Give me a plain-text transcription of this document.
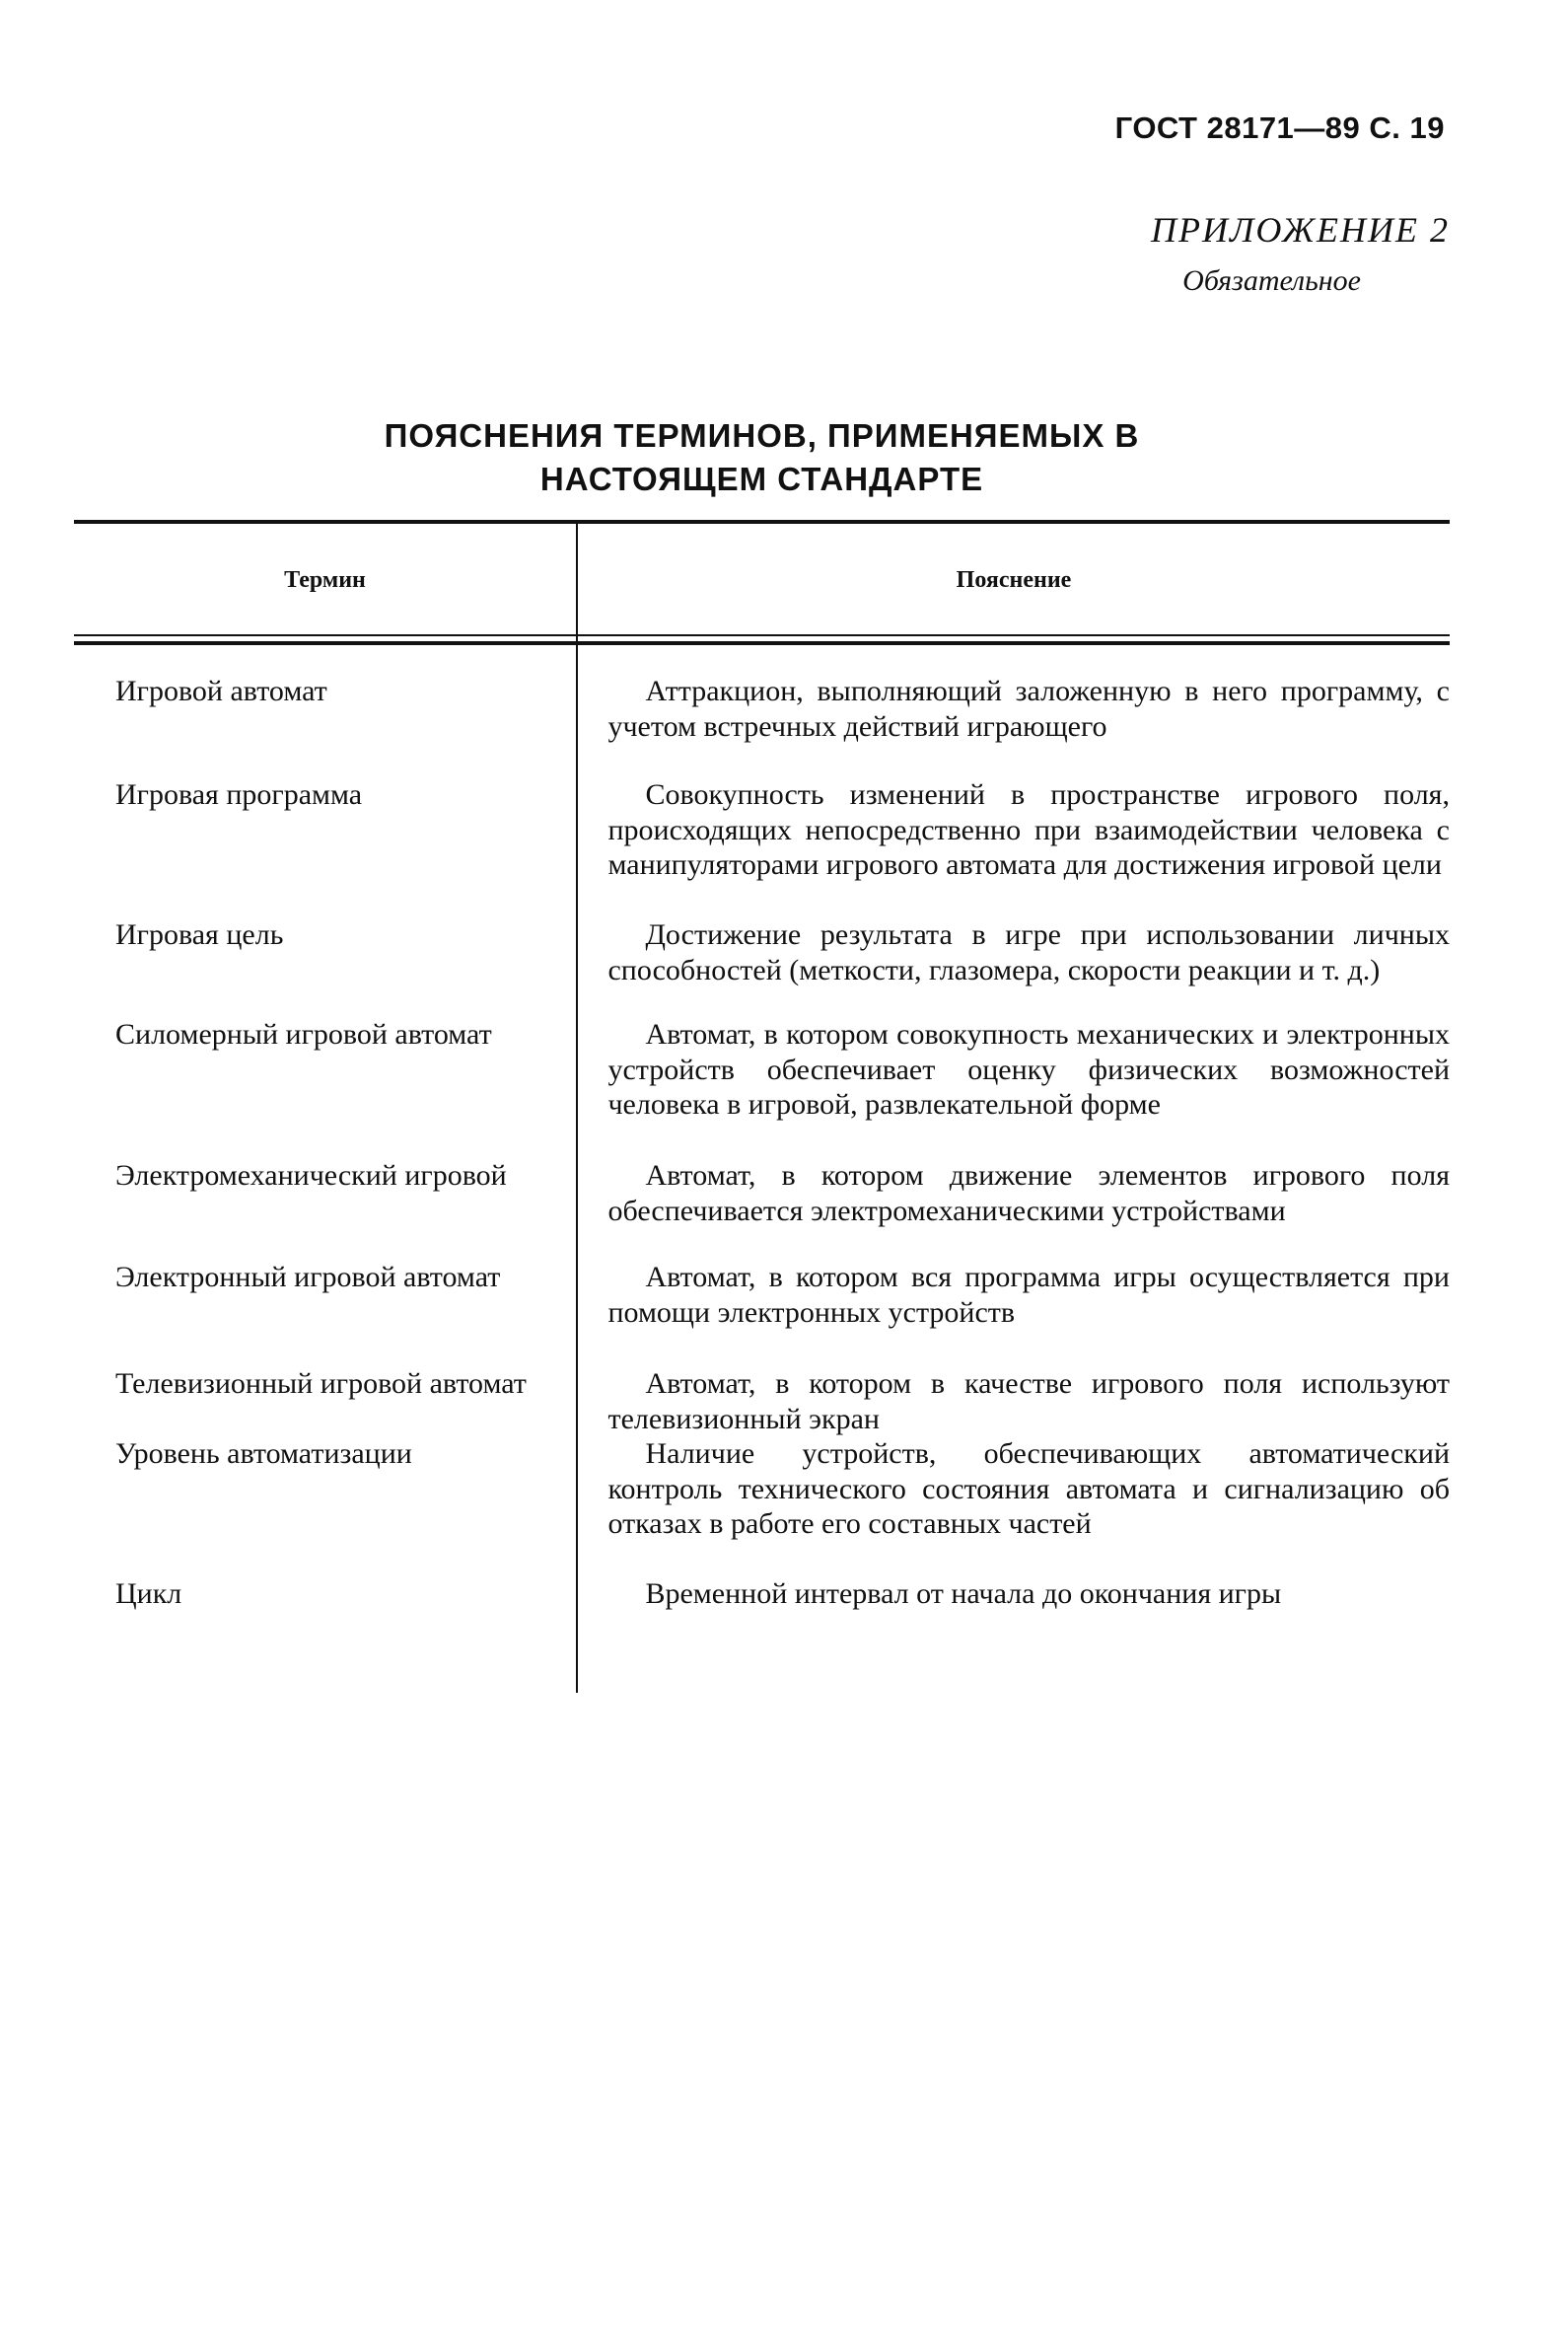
ГОСТ 28171—89 С. 19
ПРИЛОЖЕНИЕ 2
Обязательное
ПОЯСНЕНИЯ ТЕРМИНОВ, ПРИМЕНЯЕМЫХ В
НАСТОЯЩЕМ СТАНДАРТЕ
Термин	Пояснение
Игровой автомат	Аттракцион, выполняющий заложенную в него программу, с учетом встречных действий играющего
Игровая программа	Совокупность изменений в пространстве игрового поля, происходящих непосредственно при взаимодействии человека с манипуляторами игрового автомата для достижения игровой цели
Игровая цель	Достижение результата в игре при использовании личных способностей (меткости, глазомера, скорости реакции и т. д.)
Силомерный игровой автомат	Автомат, в котором совокупность механических и электронных устройств обеспечивает оценку физических возможностей человека в игровой, развлекательной форме
Электромеханический игровой	Автомат, в котором движение элементов игрового поля обеспечивается электромеханическими устройствами
Электронный игровой автомат	Автомат, в котором вся программа игры осуществляется при помощи электронных устройств
Телевизионный игровой автомат	Автомат, в котором в качестве игрового поля используют телевизионный экран
Уровень автоматизации	Наличие устройств, обеспечивающих автоматический контроль технического состояния автомата и сигнализацию об отказах в работе его составных частей
Цикл	Временной интервал от начала до окончания игры
